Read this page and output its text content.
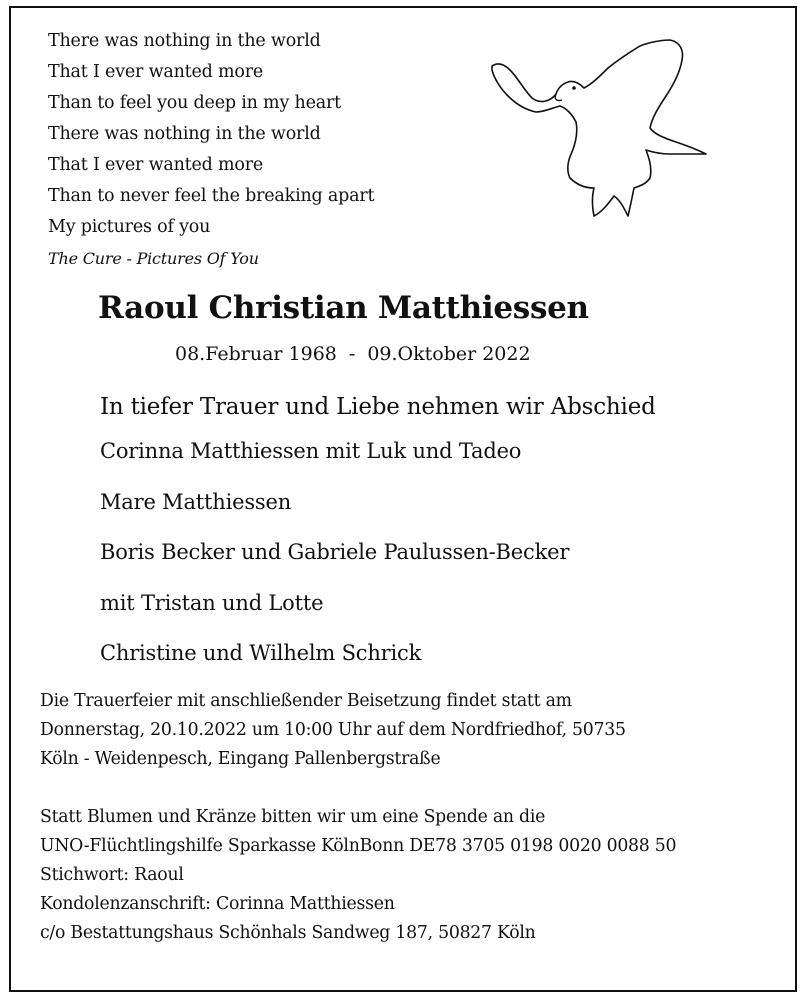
There was nothing in the world
That I ever wanted more
Than to feel you deep in my heart
There was nothing in the world
That I ever wanted more
Than to never feel the breaking apart
My pictures of you
The Cure - Pictures Of You
Raoul Christian Matthiessen
08.Februar 1968 - 09.Oktober 2022
In tiefer Trauer und Liebe nehmen wir Abschied
Corinna Matthiessen mit Luk und Tadeo
Mare Matthiessen
Boris Becker und Gabriele Paulussen-Becker
mit Tristan und Lotte
Christine und Wilhelm Schrick
Die Trauerfeier mit anschließender Beisetzung findet statt am
Donnerstag, 20.10.2022 um 10:00 Uhr auf dem Nordfriedhof, 50735
Köln - Weidenpesch, Eingang Pallenbergstraße
Statt Blumen und Kränze bitten wir um eine Spende an die
UNO-Flüchtlingshilfe Sparkasse KölnBonn DE78 3705 0198 0020 0088 50
Stichwort: Raoul
Kondolenzanschrift: Corinna Matthiessen
c/o Bestattungshaus Schönhals Sandweg 187, 50827 Köln
